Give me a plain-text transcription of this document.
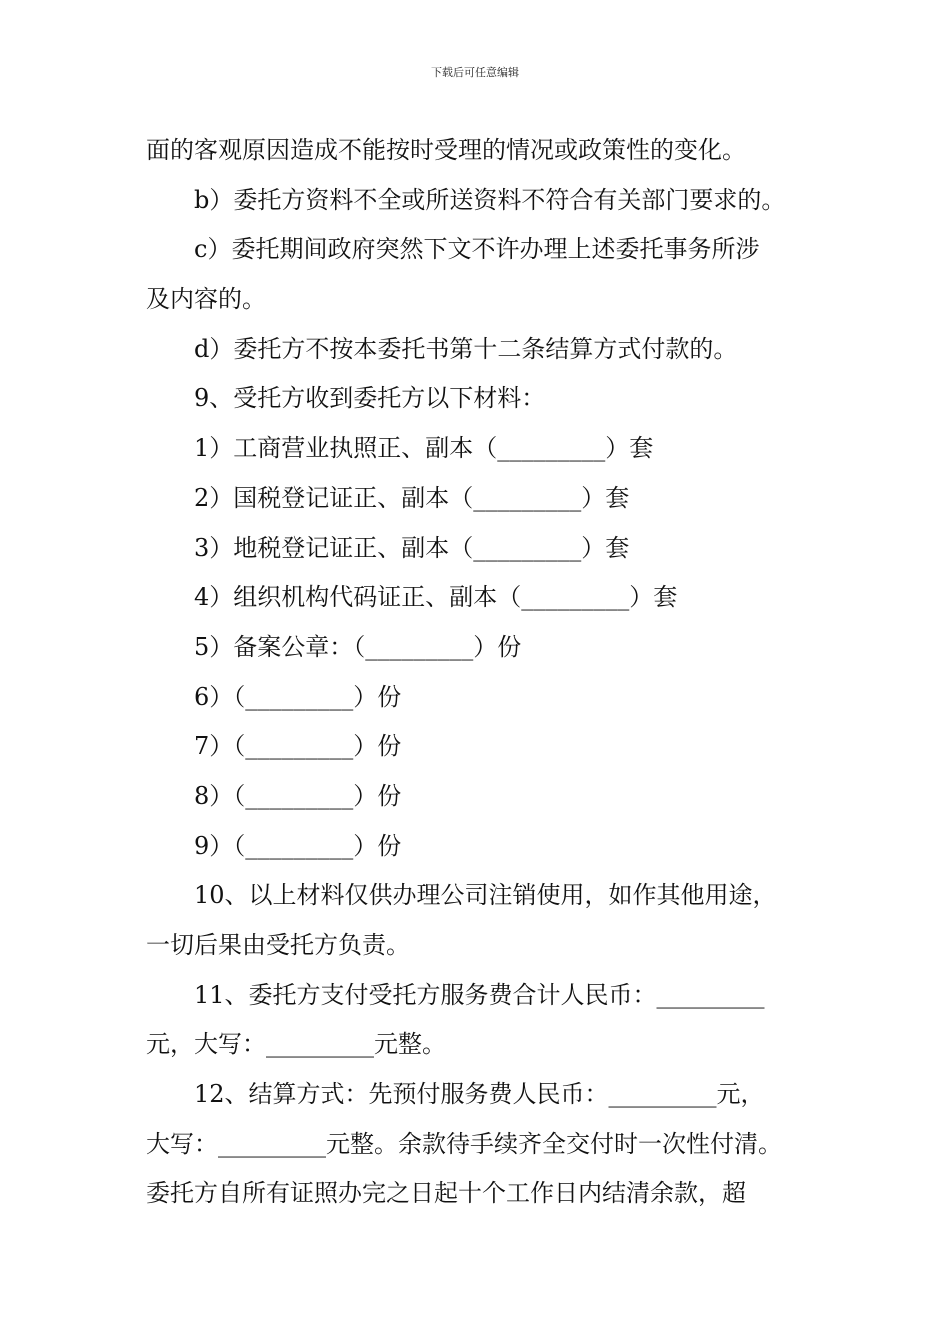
下载后可任意编辑
面的客观原因造成不能按时受理的情况或政策性的变化。
b）委托方资料不全或所送资料不符合有关部门要求的。
c）委托期间政府突然下文不许办理上述委托事务所涉
及内容的。
d）委托方不按本委托书第十二条结算方式付款的。
9、受托方收到委托方以下材料：
1）工商营业执照正、副本（_________）套
2）国税登记证正、副本（_________）套
3）地税登记证正、副本（_________）套
4）组织机构代码证正、副本（_________）套
5）备案公章：（_________）份
6）（_________）份
7）（_________）份
8）（_________）份
9）（_________）份
10、以上材料仅供办理公司注销使用，如作其他用途，
一切后果由受托方负责。
11、委托方支付受托方服务费合计人民币：_________
元，大写：_________元整。
12、结算方式：先预付服务费人民币：_________元，
大写：_________元整。余款待手续齐全交付时一次性付清。
委托方自所有证照办完之日起十个工作日内结清余款，超
